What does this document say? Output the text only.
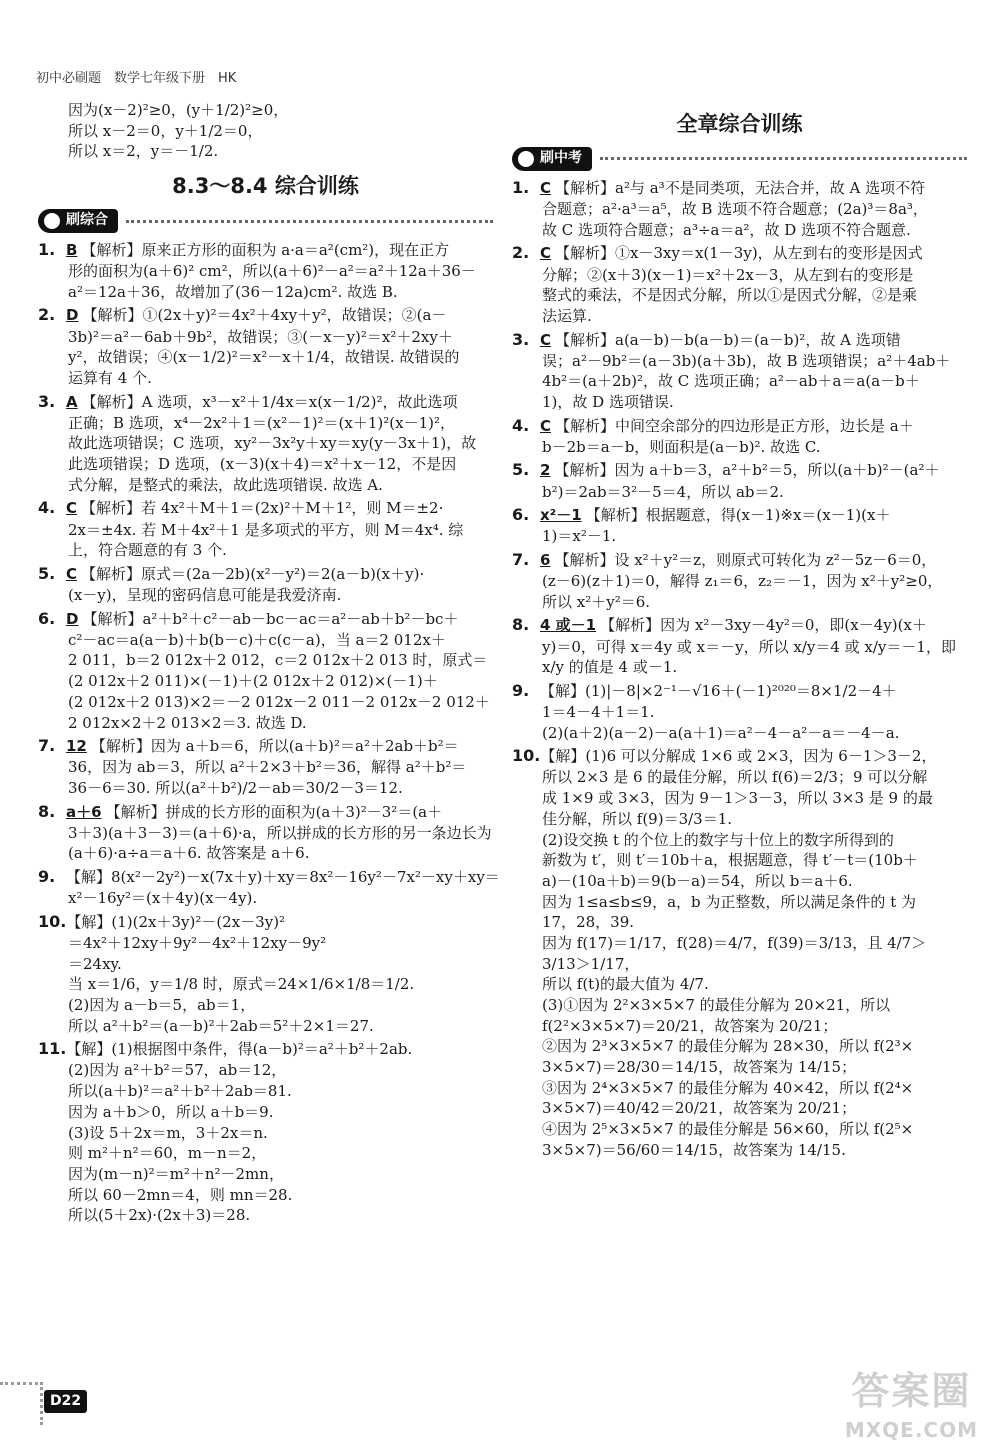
初中必刷题　数学七年级下册　HK
因为(x－2)²≥0，(y＋1/2)²≥0，
所以 x－2＝0，y＋1/2＝0，
所以 x＝2，y＝－1/2.
8.3～8.4 综合训练
刷综合
1. B 【解析】原来正方形的面积为 a·a＝a²(cm²)，现在正方
形的面积为(a＋6)² cm²，所以(a＋6)²－a²＝a²＋12a＋36－
a²＝12a＋36，故增加了(36－12a)cm². 故选 B.
2. D 【解析】①(2x＋y)²＝4x²＋4xy＋y²，故错误；②(a－
3b)²＝a²－6ab＋9b²，故错误；③(－x－y)²＝x²＋2xy＋
y²，故错误；④(x－1/2)²＝x²－x＋1/4，故错误. 故错误的
运算有 4 个.
3. A 【解析】A 选项，x³－x²＋1/4x＝x(x－1/2)²，故此选项
正确；B 选项，x⁴－2x²＋1＝(x²－1)²＝(x＋1)²(x－1)²，
故此选项错误；C 选项，xy²－3x²y＋xy＝xy(y－3x＋1)，故
此选项错误；D 选项，(x－3)(x＋4)＝x²＋x－12，不是因
式分解，是整式的乘法，故此选项错误. 故选 A.
4. C 【解析】若 4x²＋M＋1＝(2x)²＋M＋1²，则 M＝±2·
2x＝±4x. 若 M＋4x²＋1 是多项式的平方，则 M＝4x⁴. 综
上，符合题意的有 3 个.
5. C 【解析】原式＝(2a－2b)(x²－y²)＝2(a－b)(x＋y)·
(x－y)，呈现的密码信息可能是我爱济南.
6. D 【解析】a²＋b²＋c²－ab－bc－ac＝a²－ab＋b²－bc＋
c²－ac＝a(a－b)＋b(b－c)＋c(c－a)，当 a＝2 012x＋
2 011，b＝2 012x＋2 012，c＝2 012x＋2 013 时，原式＝
(2 012x＋2 011)×(－1)＋(2 012x＋2 012)×(－1)＋
(2 012x＋2 013)×2＝－2 012x－2 011－2 012x－2 012＋
2 012x×2＋2 013×2＝3. 故选 D.
7. 12 【解析】因为 a＋b＝6，所以(a＋b)²＝a²＋2ab＋b²＝
36，因为 ab＝3，所以 a²＋2×3＋b²＝36，解得 a²＋b²＝
36－6＝30. 所以(a²＋b²)/2－ab＝30/2－3＝12.
8. a＋6 【解析】拼成的长方形的面积为(a＋3)²－3²＝(a＋
3＋3)(a＋3－3)＝(a＋6)·a，所以拼成的长方形的另一条边长为
(a＋6)·a÷a＝a＋6. 故答案是 a＋6.
9. 【解】8(x²－2y²)－x(7x＋y)＋xy＝8x²－16y²－7x²－xy＋xy＝
x²－16y²＝(x＋4y)(x－4y).
10.【解】(1)(2x＋3y)²－(2x－3y)²
＝4x²＋12xy＋9y²－4x²＋12xy－9y²
＝24xy.
当 x＝1/6，y＝1/8 时，原式＝24×1/6×1/8＝1/2.
(2)因为 a－b＝5，ab＝1，
所以 a²＋b²＝(a－b)²＋2ab＝5²＋2×1＝27.
11.【解】(1)根据图中条件，得(a－b)²＝a²＋b²＋2ab.
(2)因为 a²＋b²＝57，ab＝12，
所以(a＋b)²＝a²＋b²＋2ab＝81.
因为 a＋b＞0，所以 a＋b＝9.
(3)设 5＋2x＝m，3＋2x＝n.
则 m²＋n²＝60，m－n＝2，
因为(m－n)²＝m²＋n²－2mn，
所以 60－2mn＝4，则 mn＝28.
所以(5＋2x)·(2x＋3)＝28.
全章综合训练
刷中考
1. C 【解析】a²与 a³不是同类项，无法合并，故 A 选项不符
合题意；a²·a³＝a⁵，故 B 选项不符合题意；(2a)³＝8a³，
故 C 选项符合题意；a³÷a＝a²，故 D 选项不符合题意.
2. C 【解析】①x－3xy＝x(1－3y)，从左到右的变形是因式
分解；②(x＋3)(x－1)＝x²＋2x－3，从左到右的变形是
整式的乘法，不是因式分解，所以①是因式分解，②是乘
法运算.
3. C 【解析】a(a－b)－b(a－b)＝(a－b)²，故 A 选项错
误；a²－9b²＝(a－3b)(a＋3b)，故 B 选项错误；a²＋4ab＋
4b²＝(a＋2b)²，故 C 选项正确；a²－ab＋a＝a(a－b＋
1)，故 D 选项错误.
4. C 【解析】中间空余部分的四边形是正方形，边长是 a＋
b－2b＝a－b，则面积是(a－b)². 故选 C.
5. 2 【解析】因为 a＋b＝3，a²＋b²＝5，所以(a＋b)²－(a²＋
b²)＝2ab＝3²－5＝4，所以 ab＝2.
6. x²－1 【解析】根据题意，得(x－1)※x＝(x－1)(x＋
1)＝x²－1.
7. 6 【解析】设 x²＋y²＝z，则原式可转化为 z²－5z－6＝0，
(z－6)(z＋1)＝0，解得 z₁＝6，z₂＝－1，因为 x²＋y²≥0，
所以 x²＋y²＝6.
8. 4 或－1 【解析】因为 x²－3xy－4y²＝0，即(x－4y)(x＋
y)＝0，可得 x＝4y 或 x＝－y，所以 x/y＝4 或 x/y＝－1，即
x/y 的值是 4 或－1.
9. 【解】(1)|－8|×2⁻¹－√16＋(－1)²⁰²⁰＝8×1/2－4＋
1＝4－4＋1＝1.
(2)(a＋2)(a－2)－a(a＋1)＝a²－4－a²－a＝－4－a.
10.【解】(1)6 可以分解成 1×6 或 2×3，因为 6－1＞3－2，
所以 2×3 是 6 的最佳分解，所以 f(6)＝2/3；9 可以分解
成 1×9 或 3×3，因为 9－1＞3－3，所以 3×3 是 9 的最
佳分解，所以 f(9)＝3/3＝1.
(2)设交换 t 的个位上的数字与十位上的数字所得到的
新数为 t′，则 t′＝10b＋a，根据题意，得 t′－t＝(10b＋
a)－(10a＋b)＝9(b－a)＝54，所以 b＝a＋6.
因为 1≤a≤b≤9，a，b 为正整数，所以满足条件的 t 为
17，28，39.
因为 f(17)＝1/17，f(28)＝4/7，f(39)＝3/13，且 4/7＞
3/13＞1/17，
所以 f(t)的最大值为 4/7.
(3)①因为 2²×3×5×7 的最佳分解为 20×21，所以
f(2²×3×5×7)＝20/21，故答案为 20/21；
②因为 2³×3×5×7 的最佳分解为 28×30，所以 f(2³×
3×5×7)＝28/30＝14/15，故答案为 14/15；
③因为 2⁴×3×5×7 的最佳分解为 40×42，所以 f(2⁴×
3×5×7)＝40/42＝20/21，故答案为 20/21；
④因为 2⁵×3×5×7 的最佳分解是 56×60，所以 f(2⁵×
3×5×7)＝56/60＝14/15，故答案为 14/15.
D22	答案圈
MXQE.COM
